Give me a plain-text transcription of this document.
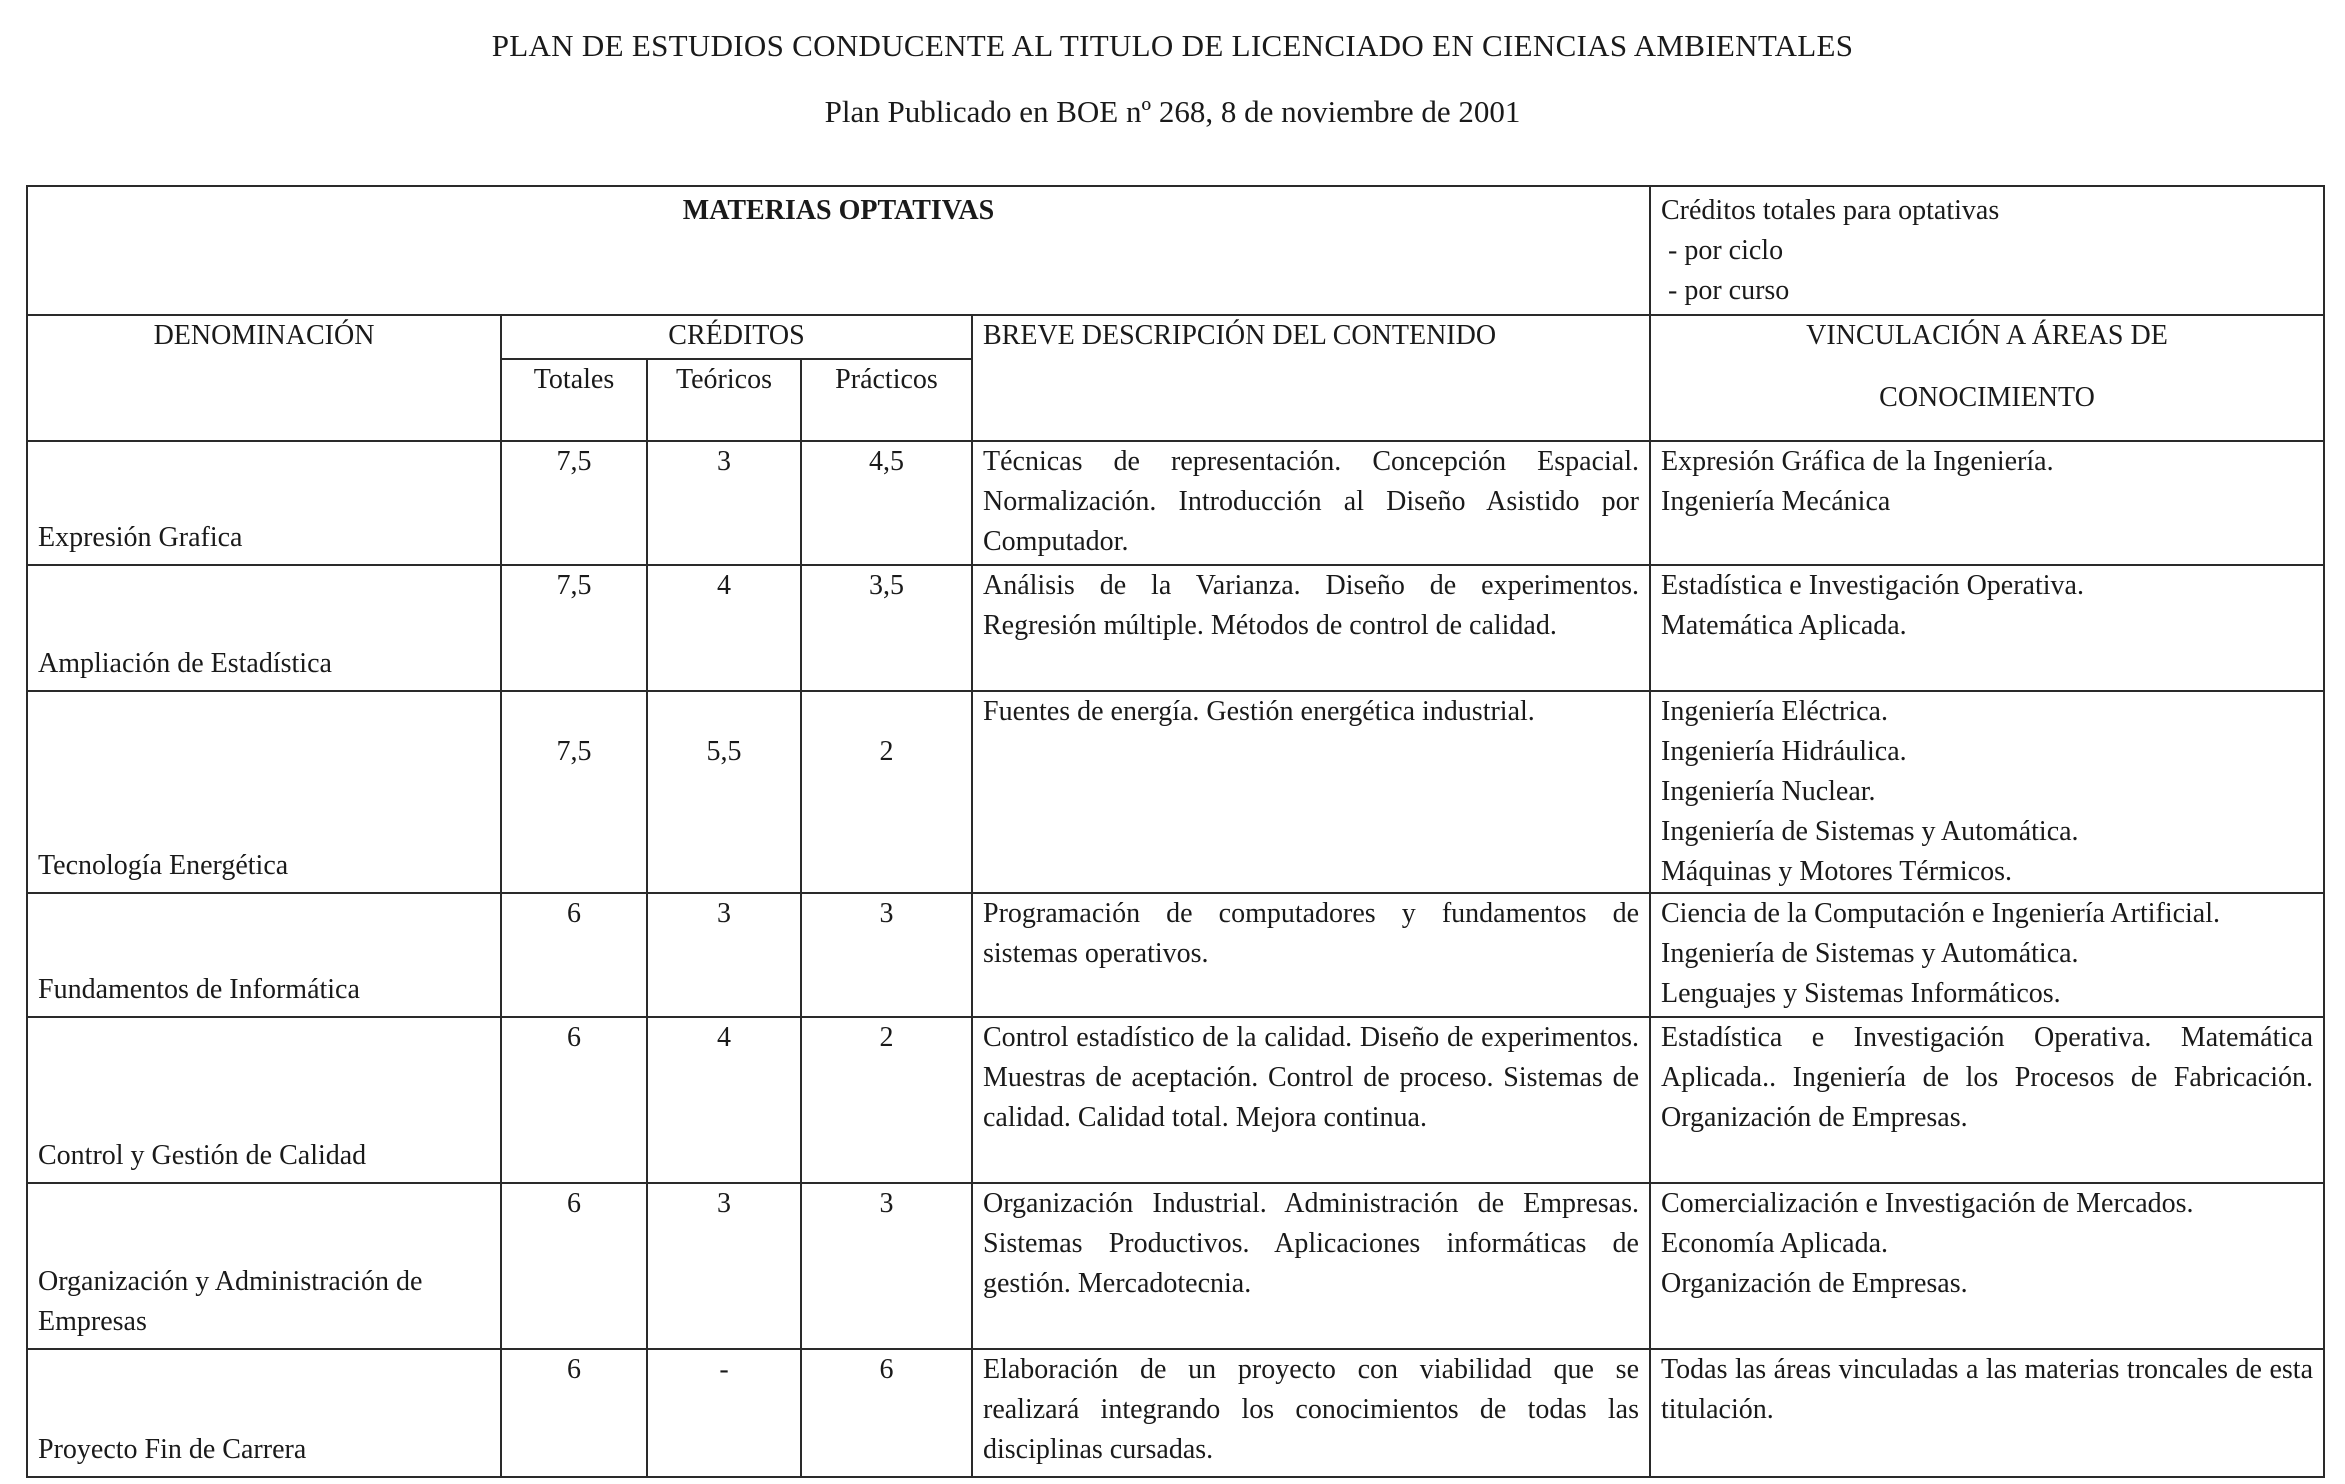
PLAN DE ESTUDIOS CONDUCENTE AL TITULO DE LICENCIADO EN CIENCIAS AMBIENTALES
Plan Publicado en BOE nº 268, 8 de noviembre de 2001
MATERIAS OPTATIVAS					Créditos totales para optativas
- por ciclo
- por curso

DENOMINACIÓN	CRÉDITOS			BREVE DESCRIPCIÓN DEL CONTENIDO	VINCULACIÓN A ÁREAS DE
CONOCIMIENTO

	Totales	Teóricos	Prácticos		
Expresión Grafica	7,5	3	4,5	Técnicas de representación. Concepción Espacial. Normalización. Introducción al Diseño Asistido por Computador.	Expresión Gráfica de la Ingeniería.
Ingeniería Mecánica

Ampliación de Estadística	7,5	4	3,5	Análisis de la Varianza. Diseño de experimentos. Regresión múltiple. Métodos de control de calidad.	Estadística e Investigación Operativa.
Matemática Aplicada.

Tecnología Energética	7,5	5,5	2	Fuentes de energía. Gestión energética industrial.	Ingeniería Eléctrica.
Ingeniería Hidráulica.
Ingeniería Nuclear.
Ingeniería de Sistemas y Automática.
Máquinas y Motores Térmicos.

Fundamentos de Informática	6	3	3	Programación de computadores y fundamentos de sistemas operativos.	Ciencia de la Computación e Ingeniería Artificial.
Ingeniería de Sistemas y Automática.
Lenguajes y Sistemas Informáticos.

Control y Gestión de Calidad	6	4	2	Control estadístico de la calidad. Diseño de experimentos. Muestras de aceptación. Control de proceso. Sistemas de calidad. Calidad total. Mejora continua.	Estadística e Investigación Operativa. Matemática Aplicada.. Ingeniería de los Procesos de Fabricación. Organización de Empresas.

Organización y Administración de Empresas	6	3	3	Organización Industrial. Administración de Empresas. Sistemas Productivos. Aplicaciones informáticas de gestión. Mercadotecnia.	Comercialización e Investigación de Mercados.
Economía Aplicada.
Organización de Empresas.

Proyecto Fin de Carrera	6	-	6	Elaboración de un proyecto con viabilidad que se realizará integrando los conocimientos de todas las disciplinas cursadas.	Todas las áreas vinculadas a las materias troncales de esta titulación.
